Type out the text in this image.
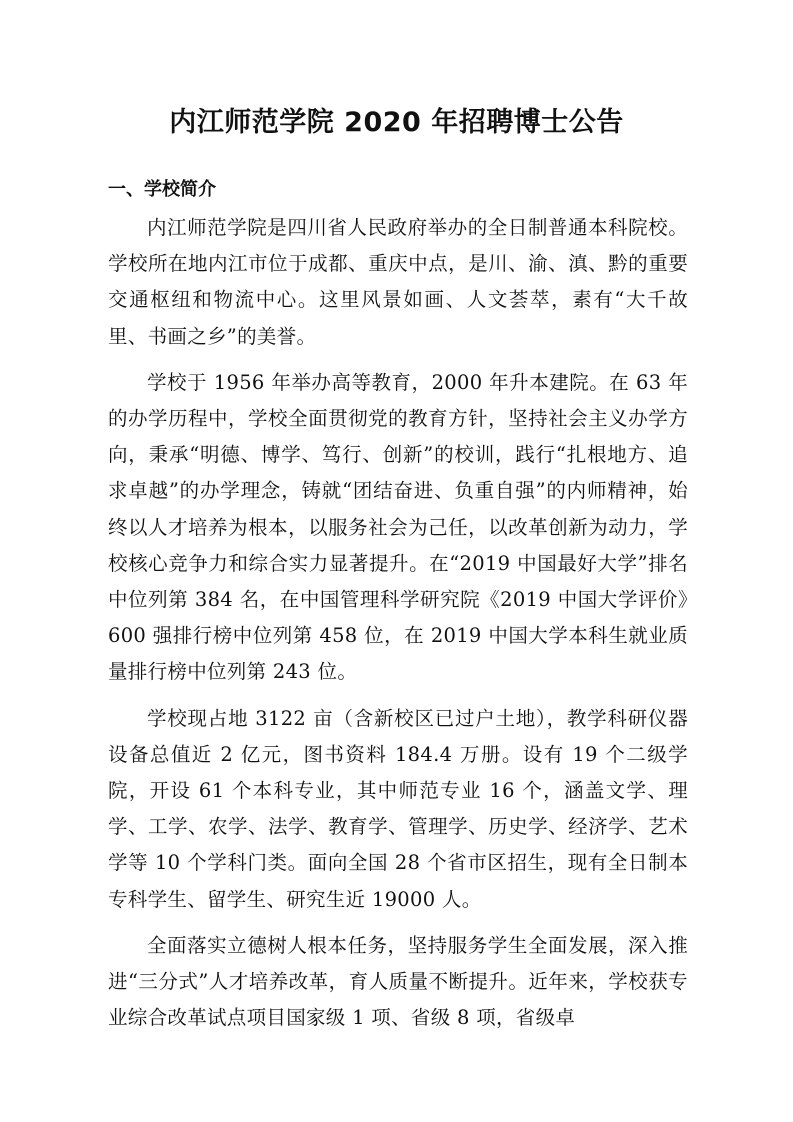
内江师范学院 2020 年招聘博士公告
一、学校简介

内江师范学院是四川省人民政府举办的全日制普通本科院校。学校所在地内江市位于成都、重庆中点，是川、渝、滇、黔的重要交通枢纽和物流中心。这里风景如画、人文荟萃，素有“大千故里、书画之乡”的美誉。

学校于 1956 年举办高等教育，2000 年升本建院。在 63 年的办学历程中，学校全面贯彻党的教育方针，坚持社会主义办学方向，秉承“明德、博学、笃行、创新”的校训，践行“扎根地方、追求卓越”的办学理念，铸就“团结奋进、负重自强”的内师精神，始终以人才培养为根本，以服务社会为己任，以改革创新为动力，学校核心竞争力和综合实力显著提升。在“2019 中国最好大学”排名中位列第 384 名，在中国管理科学研究院《2019 中国大学评价》600 强排行榜中位列第 458 位，在 2019 中国大学本科生就业质量排行榜中位列第 243 位。

学校现占地 3122 亩（含新校区已过户土地），教学科研仪器设备总值近 2 亿元，图书资料 184.4 万册。设有 19 个二级学院，开设 61 个本科专业，其中师范专业 16 个，涵盖文学、理学、工学、农学、法学、教育学、管理学、历史学、经济学、艺术学等 10 个学科门类。面向全国 28 个省市区招生，现有全日制本专科学生、留学生、研究生近 19000 人。

全面落实立德树人根本任务，坚持服务学生全面发展，深入推进“三分式”人才培养改革，育人质量不断提升。近年来，学校获专业综合改革试点项目国家级 1 项、省级 8 项，省级卓
